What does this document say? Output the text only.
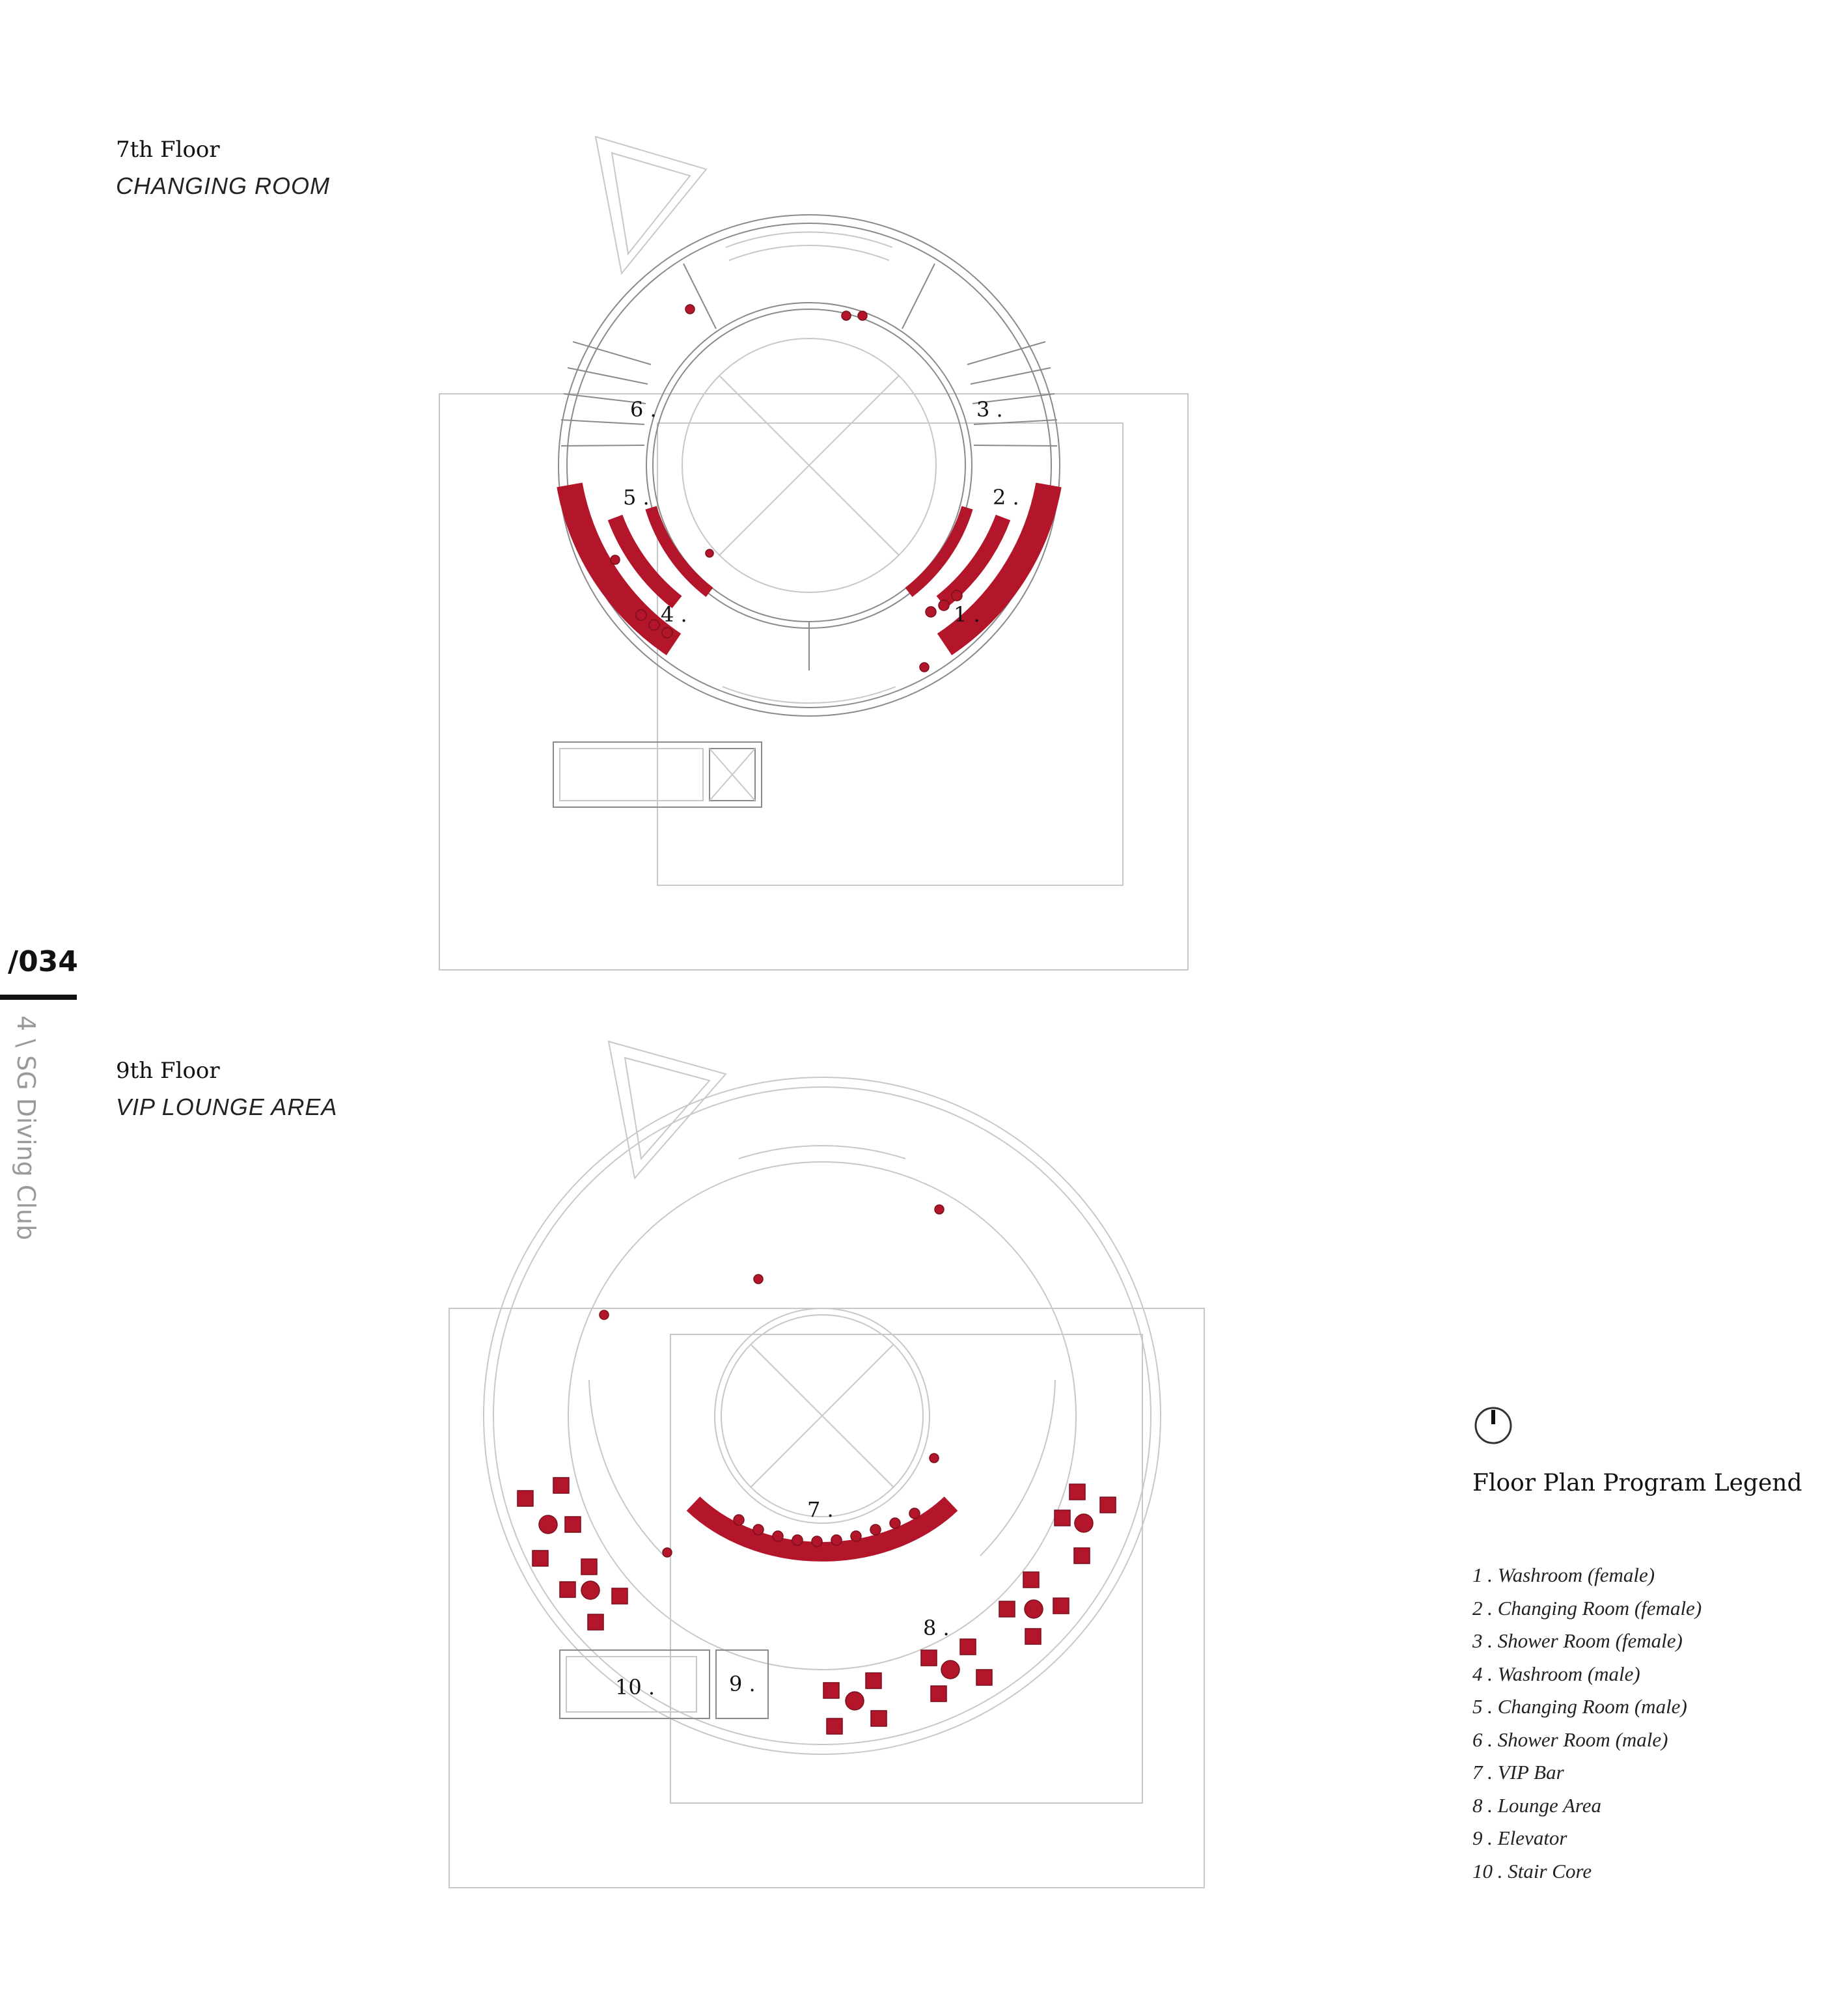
/034
4 \ SG Diving Club
7th Floor
CHANGING ROOM
9th Floor
VIP LOUNGE AREA
1 .
2 .
3 .
4 .
5 .
6 .
7 .
8 .
9 .
10 .
Floor Plan Program Legend
1 . Washroom (female)
2 . Changing Room (female)
3 . Shower Room (female)
4 . Washroom (male)
5 . Changing Room (male)
6 . Shower Room (male)
7 . VIP Bar
8 . Lounge Area
9 . Elevator
10 . Stair Core
